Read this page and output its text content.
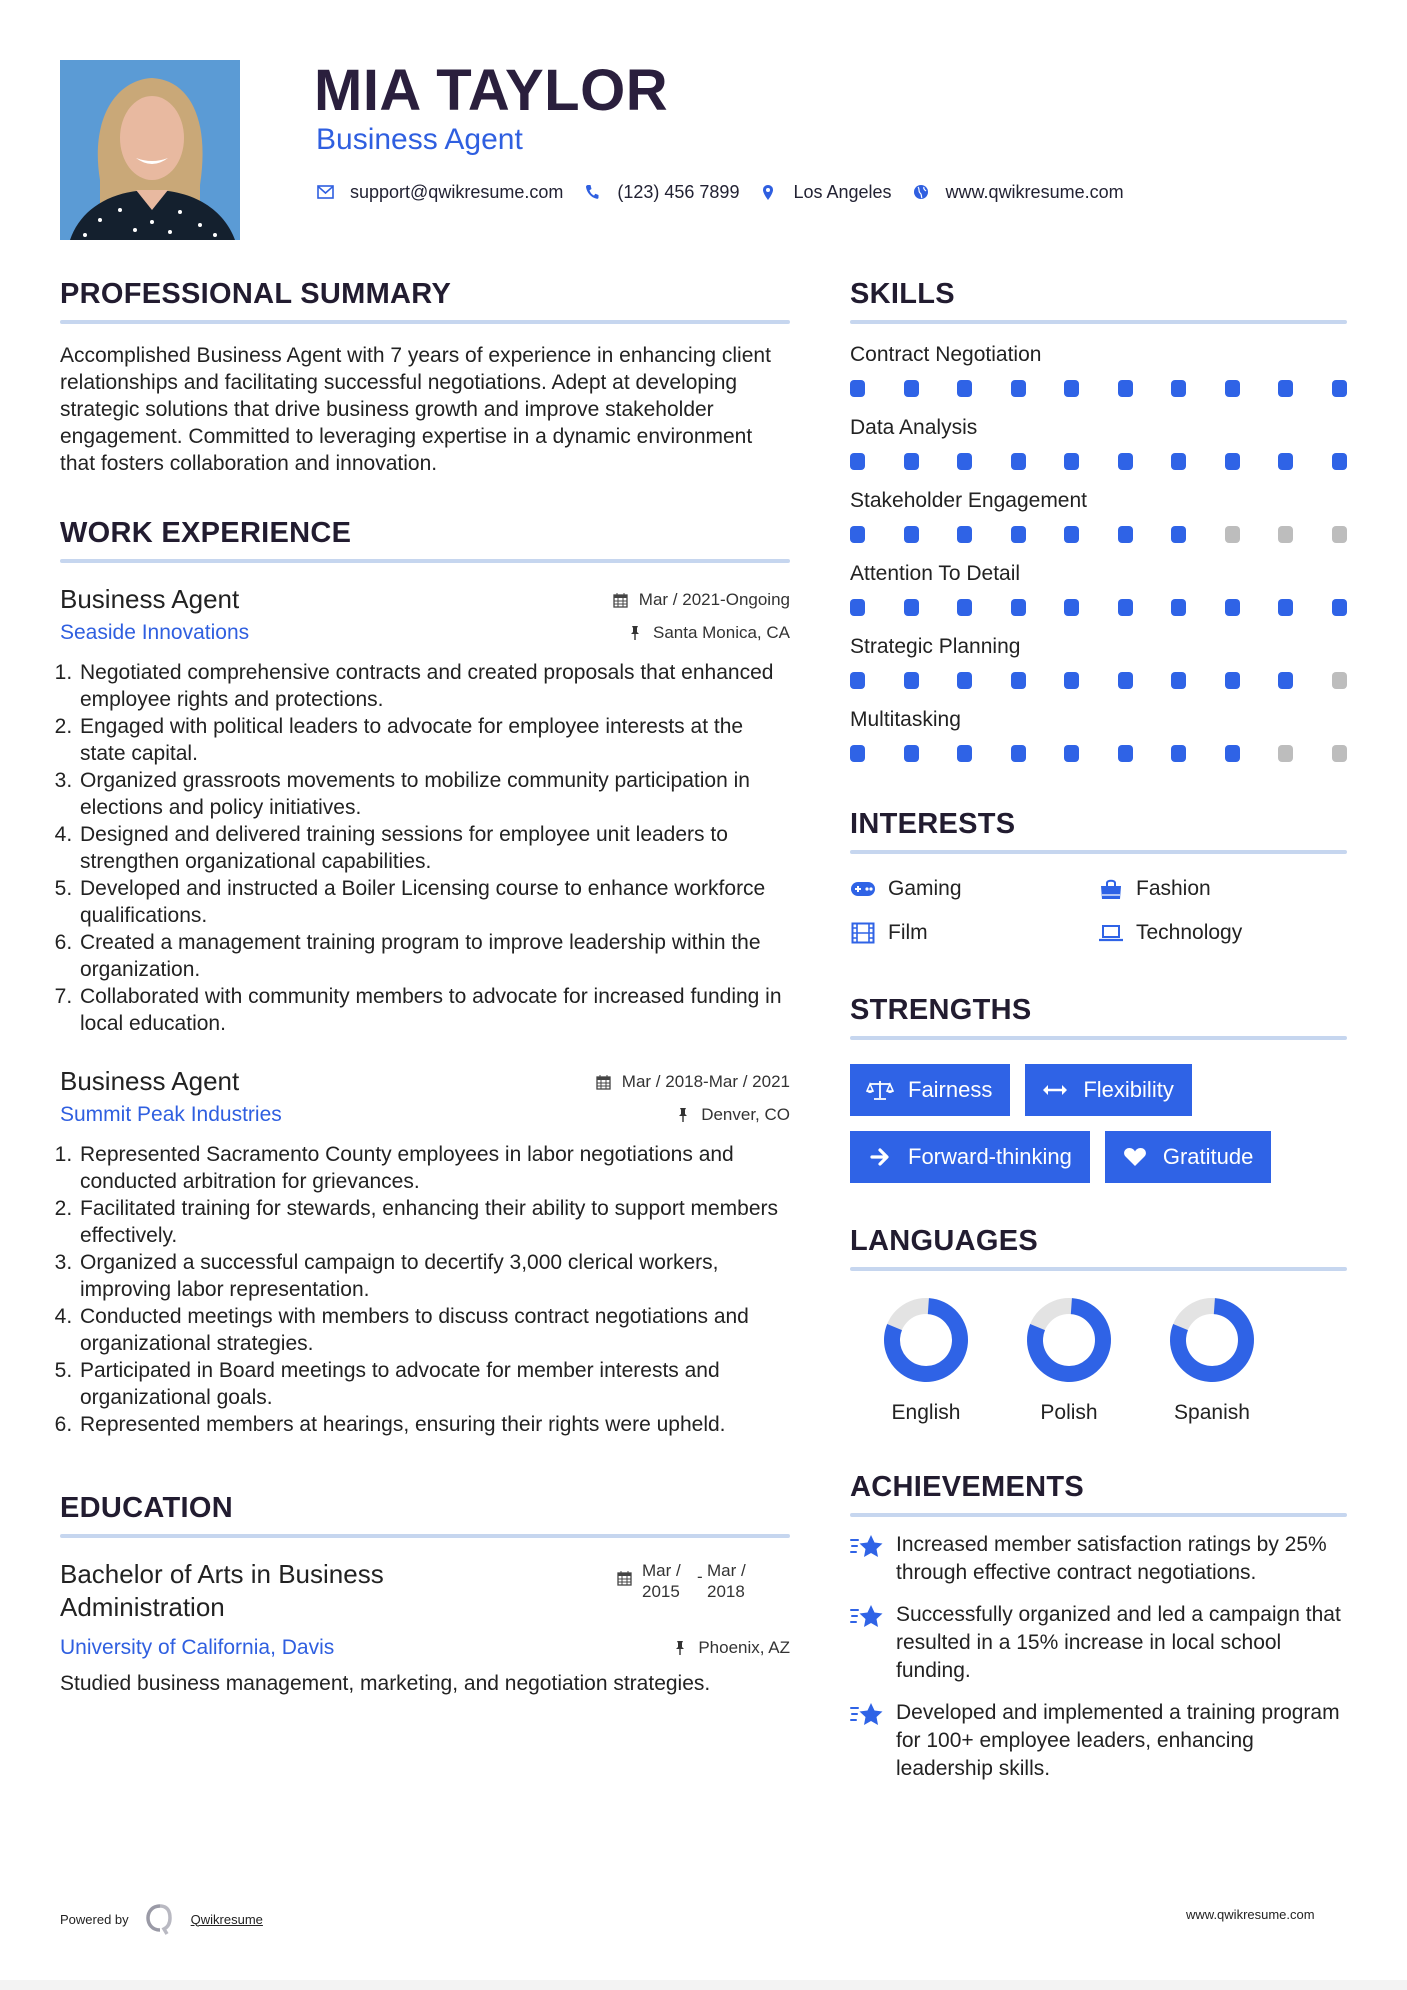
MIA TAYLOR
Business Agent
support@qwikresume.com	(123) 456 7899	Los Angeles	www.qwikresume.com
PROFESSIONAL SUMMARY

Accomplished Business Agent with 7 years of experience in enhancing client relationships and facilitating successful negotiations. Adept at developing strategic solutions that drive business growth and improve stakeholder engagement. Committed to leveraging expertise in a dynamic environment that fosters collaboration and innovation.

WORK EXPERIENCE
Business Agent	Mar / 2021-Ongoing
Seaside Innovations	Santa Monica, CA
1. Negotiated comprehensive contracts and created proposals that enhanced employee rights and protections.
2. Engaged with political leaders to advocate for employee interests at the state capital.
3. Organized grassroots movements to mobilize community participation in elections and policy initiatives.
4. Designed and delivered training sessions for employee unit leaders to strengthen organizational capabilities.
5. Developed and instructed a Boiler Licensing course to enhance workforce qualifications.
6. Created a management training program to improve leadership within the organization.
7. Collaborated with community members to advocate for increased funding in local education.
Business Agent	Mar / 2018-Mar / 2021
Summit Peak Industries	Denver, CO
1. Represented Sacramento County employees in labor negotiations and conducted arbitration for grievances.
2. Facilitated training for stewards, enhancing their ability to support members effectively.
3. Organized a successful campaign to decertify 3,000 clerical workers, improving labor representation.
4. Conducted meetings with members to discuss contract negotiations and organizational strategies.
5. Participated in Board meetings to advocate for member interests and organizational goals.
6. Represented members at hearings, ensuring their rights were upheld.
EDUCATION
Bachelor of Arts in Business Administration
Mar / 2015
- Mar / 2018
University of California, Davis	Phoenix, AZ

Studied business management, marketing, and negotiation strategies.

SKILLS
Contract Negotiation
Data Analysis
Stakeholder Engagement
Attention To Detail
Strategic Planning
Multitasking
INTERESTS
Gaming	Fashion
Film	Technology
STRENGTHS
Fairness	Flexibility
Forward-thinking	Gratitude
LANGUAGES
English	Polish	Spanish
ACHIEVEMENTS
Increased member satisfaction ratings by 25% through effective contract negotiations.
Successfully organized and led a campaign that resulted in a 15% increase in local school funding.
Developed and implemented a training program for 100+ employee leaders, enhancing leadership skills.
Powered by	Qwikresume	www.qwikresume.com
